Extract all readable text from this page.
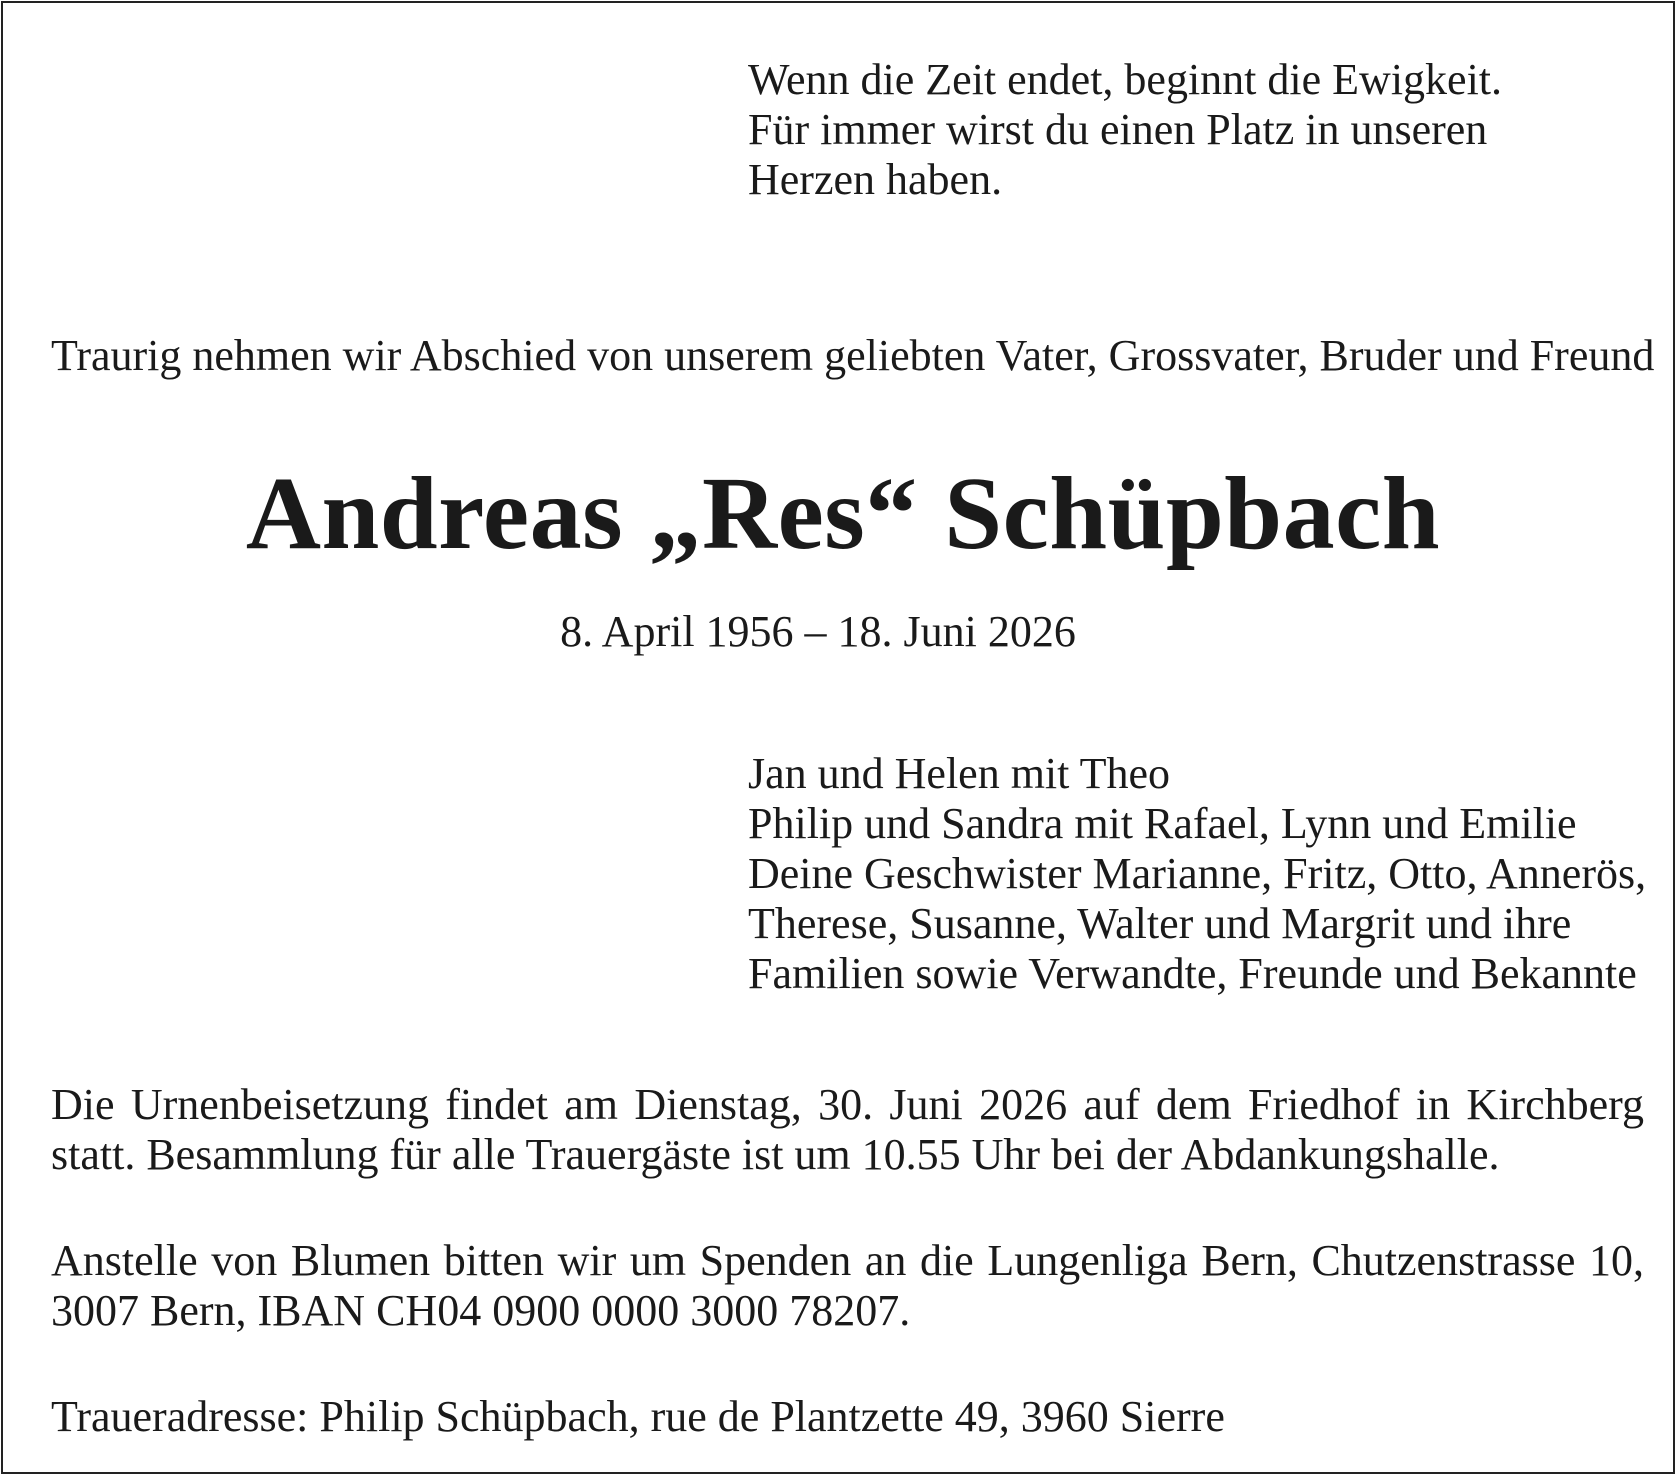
Wenn die Zeit endet, beginnt die Ewigkeit.
Für immer wirst du einen Platz in unseren
Herzen haben.
Traurig nehmen wir Abschied von unserem geliebten Vater, Grossvater, Bruder und Freund
Andreas „Res“ Schüpbach
8. April 1956 – 18. Juni 2026
Jan und Helen mit Theo
Philip und Sandra mit Rafael, Lynn und Emilie
Deine Geschwister Marianne, Fritz, Otto, Annerös,
Therese, Susanne, Walter und Margrit und ihre
Familien sowie Verwandte, Freunde und Bekannte
Die Urnenbeisetzung findet am Dienstag, 30. Juni 2026 auf dem Friedhof in Kirchberg
statt. Besammlung für alle Trauergäste ist um 10.55 Uhr bei der Abdankungshalle.
Anstelle von Blumen bitten wir um Spenden an die Lungenliga Bern, Chutzenstrasse 10,
3007 Bern, IBAN CH04 0900 0000 3000 78207.
Traueradresse: Philip Schüpbach, rue de Plantzette 49, 3960 Sierre
